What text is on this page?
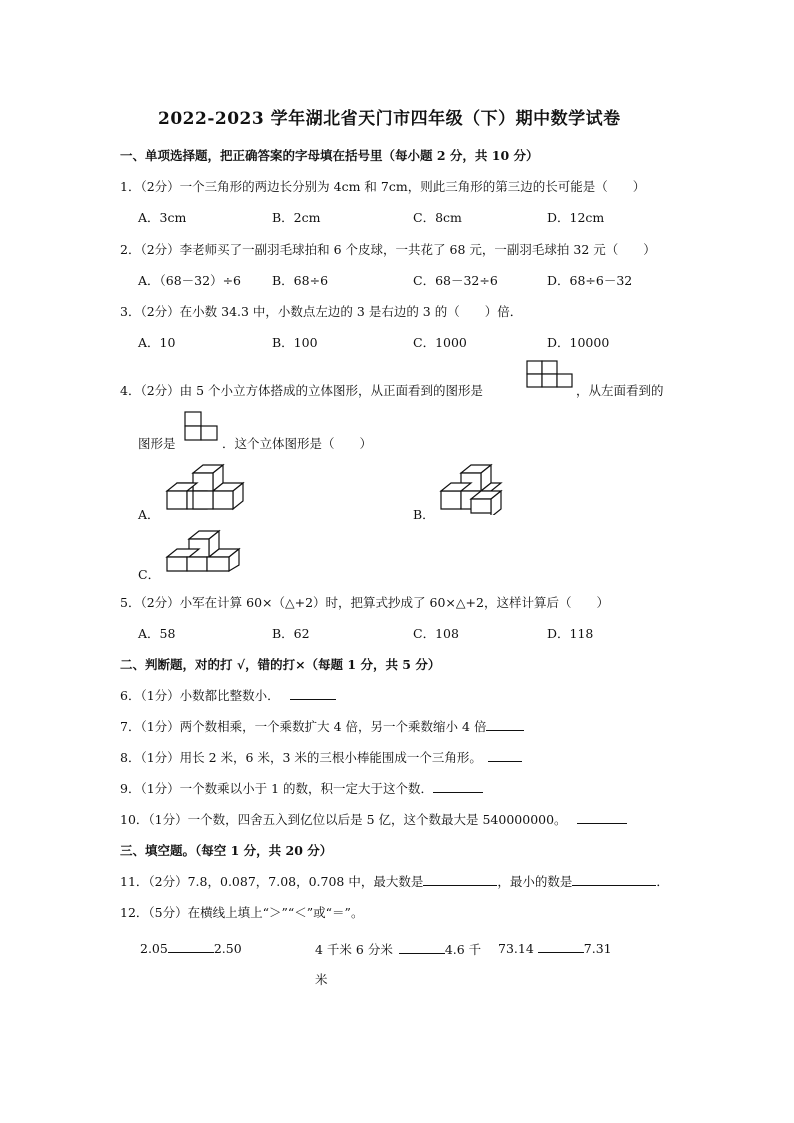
2022-2023 学年湖北省天门市四年级（下）期中数学试卷
一、单项选择题，把正确答案的字母填在括号里（每小题 2 分，共 10 分）
1．（2分）一个三角形的两边长分别为 4cm 和 7cm，则此三角形的第三边的长可能是（　　）
A．3cm	B．2cm	C．8cm	D．12cm
2．（2分）李老师买了一副羽毛球拍和 6 个皮球，一共花了 68 元，一副羽毛球拍 32 元（　　）
A．（68－32）÷6 B．68÷6	C．68－32÷6	D．68÷6－32
3．（2分）在小数 34.3 中，小数点左边的 3 是右边的 3 的（　　）倍．
A．10	B．100	C．1000	D．10000
4．（2分）由 5 个小立方体搭成的立体图形，从正面看到的图形是	，从左面看到的
图形是	．这个立体图形是（　　）
A．	B．
C．
5．（2分）小军在计算 60×（△+2）时，把算式抄成了 60×△+2，这样计算后（　　）
A．58	B．62	C．108	D．118
二、判断题，对的打 √，错的打×（每题 1 分，共 5 分）
6．（1分）小数都比整数小．
7．（1分）两个数相乘，一个乘数扩大 4 倍，另一个乘数缩小 4 倍
8．（1分）用长 2 米，6 米，3 米的三根小棒能围成一个三角形。
9．（1分）一个数乘以小于 1 的数，积一定大于这个数．
10．（1分）一个数，四舍五入到亿位以后是 5 亿，这个数最大是 540000000。
三、填空题。（每空 1 分，共 20 分）
11．（2分）7.8，0.087，7.08，0.708 中，最大数是	，最小的数是	．
12．（5分）在横线上填上“＞”“＜”或“＝”。
2.05	2.50	4 千米 6 分米	4.6 千
米
73.14	7.31
